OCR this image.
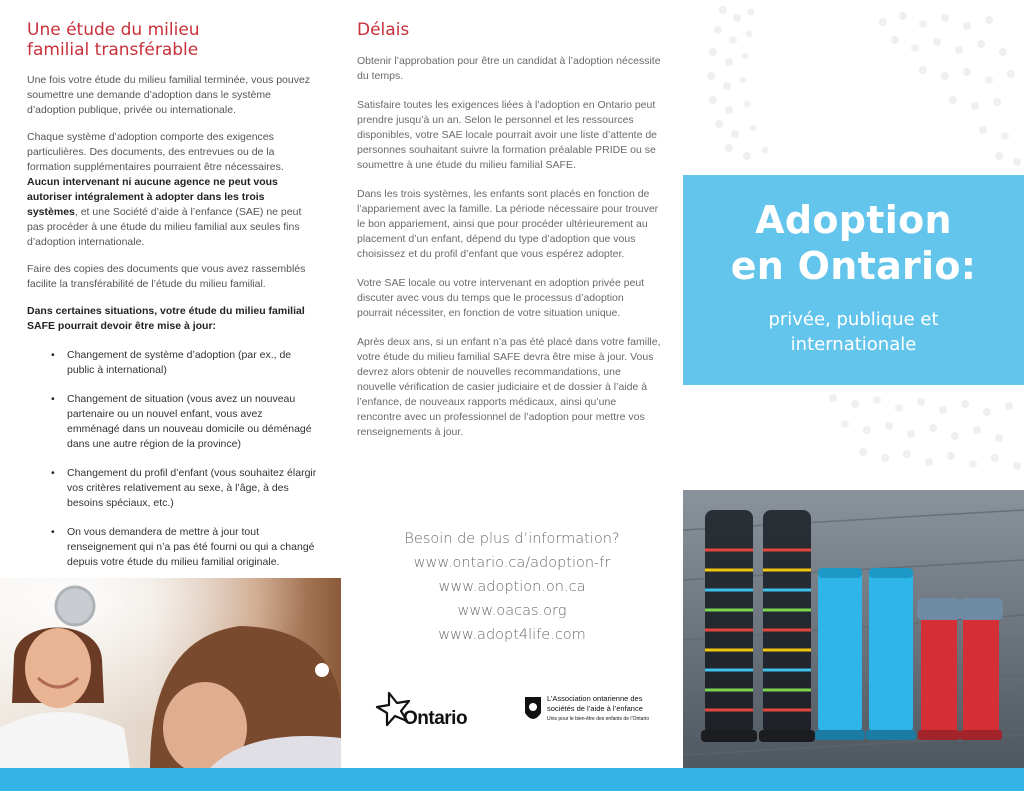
Une étude du milieu
familial transférable

Une fois votre étude du milieu familial terminée, vous pouvez soumettre une demande d’adoption dans le système d’adoption publique, privée ou internationale.

Chaque système d’adoption comporte des exigences particulières. Des documents, des entrevues ou de la formation supplémentaires pourraient être nécessaires. Aucun intervenant ni aucune agence ne peut vous autoriser intégralement à adopter dans les trois systèmes, et une Société d’aide à l’enfance (SAE) ne peut pas procéder à une étude du milieu familial aux seules fins d’adoption internationale.

Faire des copies des documents que vous avez rassemblés facilite la transférabilité de l’étude du milieu familial.

Dans certaines situations, votre étude du milieu familial SAFE pourrait devoir être mise à jour:

• Changement de système d’adoption (par ex., de public à international)
• Changement de situation (vous avez un nouveau partenaire ou un nouvel enfant, vous avez emménagé dans un nouveau domicile ou déménagé dans une autre région de la province)
• Changement du profil d’enfant (vous souhaitez élargir vos critères relativement au sexe, à l’âge, à des besoins spéciaux, etc.)
• On vous demandera de mettre à jour tout renseignement qui n’a pas été fourni ou qui a changé depuis votre étude du milieu familial originale.
Délais

Obtenir l’approbation pour être un candidat à l’adoption nécessite du temps.

Satisfaire toutes les exigences liées à l’adoption en Ontario peut prendre jusqu’à un an. Selon le personnel et les ressources disponibles, votre SAE locale pourrait avoir une liste d’attente de personnes souhaitant suivre la formation préalable PRIDE ou se soumettre à une étude du milieu familial SAFE.

Dans les trois systèmes, les enfants sont placés en fonction de l’appariement avec la famille. La période nécessaire pour trouver le bon appariement, ainsi que pour procéder ultérieurement au placement d’un enfant, dépend du type d’adoption que vous choisissez et du profil d’enfant que vous espérez adopter.

Votre SAE locale ou votre intervenant en adoption privée peut discuter avec vous du temps que le processus d’adoption pourrait nécessiter, en fonction de votre situation unique.

Après deux ans, si un enfant n’a pas été placé dans votre famille, votre étude du milieu familial SAFE devra être mise à jour. Vous devrez alors obtenir de nouvelles recommandations, une nouvelle vérification de casier judiciaire et de dossier à l’aide à l’enfance, de nouveaux rapports médicaux, ainsi qu’une rencontre avec un professionnel de l’adoption pour mettre vos renseignements à jour.

Besoin de plus d’information?
www.ontario.ca/adoption-fr
www.adoption.on.ca
www.oacas.org
www.adopt4life.com
Ontario
L’Association ontarienne des
sociétés de l’aide à l’enfance
Unis pour le bien-être des enfants de l’Ontario
Adoption
en Ontario:
privée, publique et
internationale
